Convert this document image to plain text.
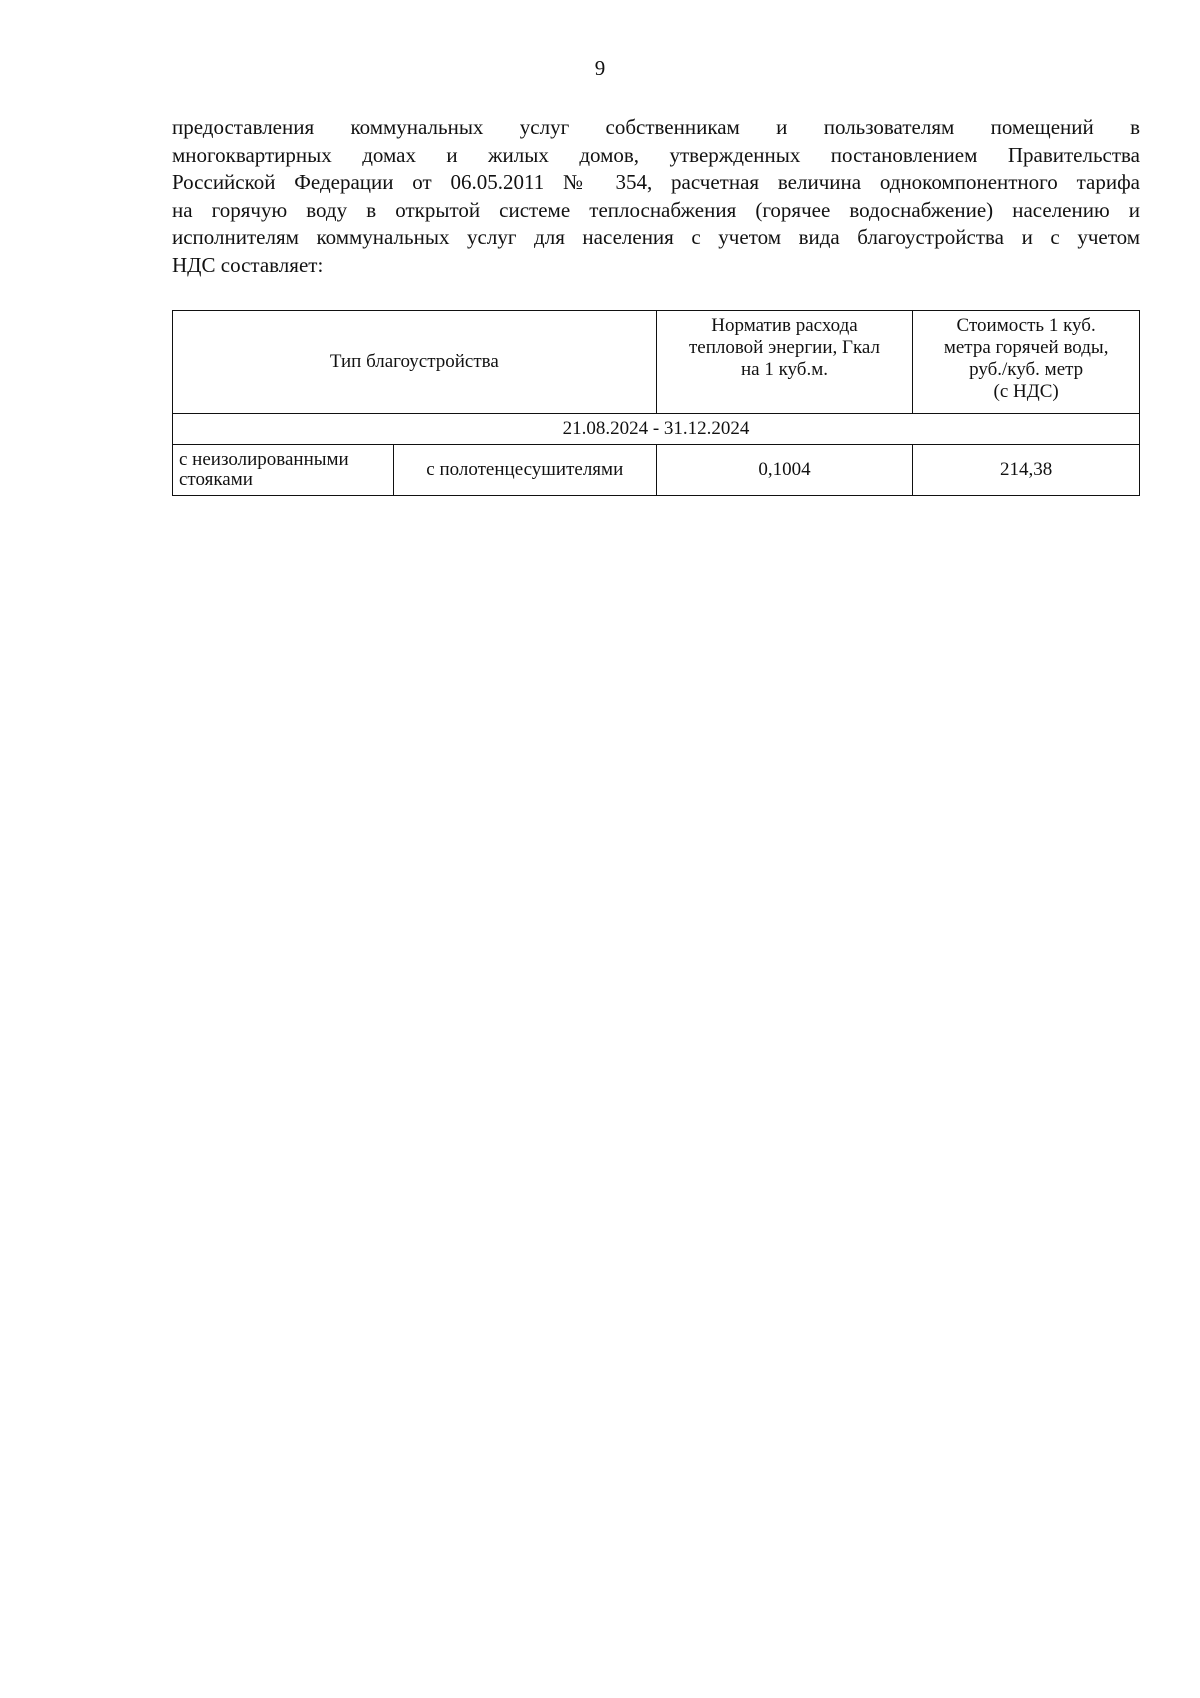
9

предоставления коммунальных услуг собственникам и пользователям помещений в
многоквартирных домах и жилых домов, утвержденных постановлением Правительства
Российской Федерации от 06.05.2011 № 354, расчетная величина однокомпонентного тарифа
на горячую воду в открытой системе теплоснабжения (горячее водоснабжение) населению и
исполнителям коммунальных услуг для населения с учетом вида благоустройства и с учетом
НДС составляет:

Тип благоустройства		Норматив расхода
тепловой энергии, Гкал
на 1 куб.м.	Стоимость 1 куб.
метра горячей воды,
руб./куб. метр
(с НДС)

21.08.2024 - 31.12.2024			

с неизолированными
стояками	с полотенцесушителями	0,1004	214,38
